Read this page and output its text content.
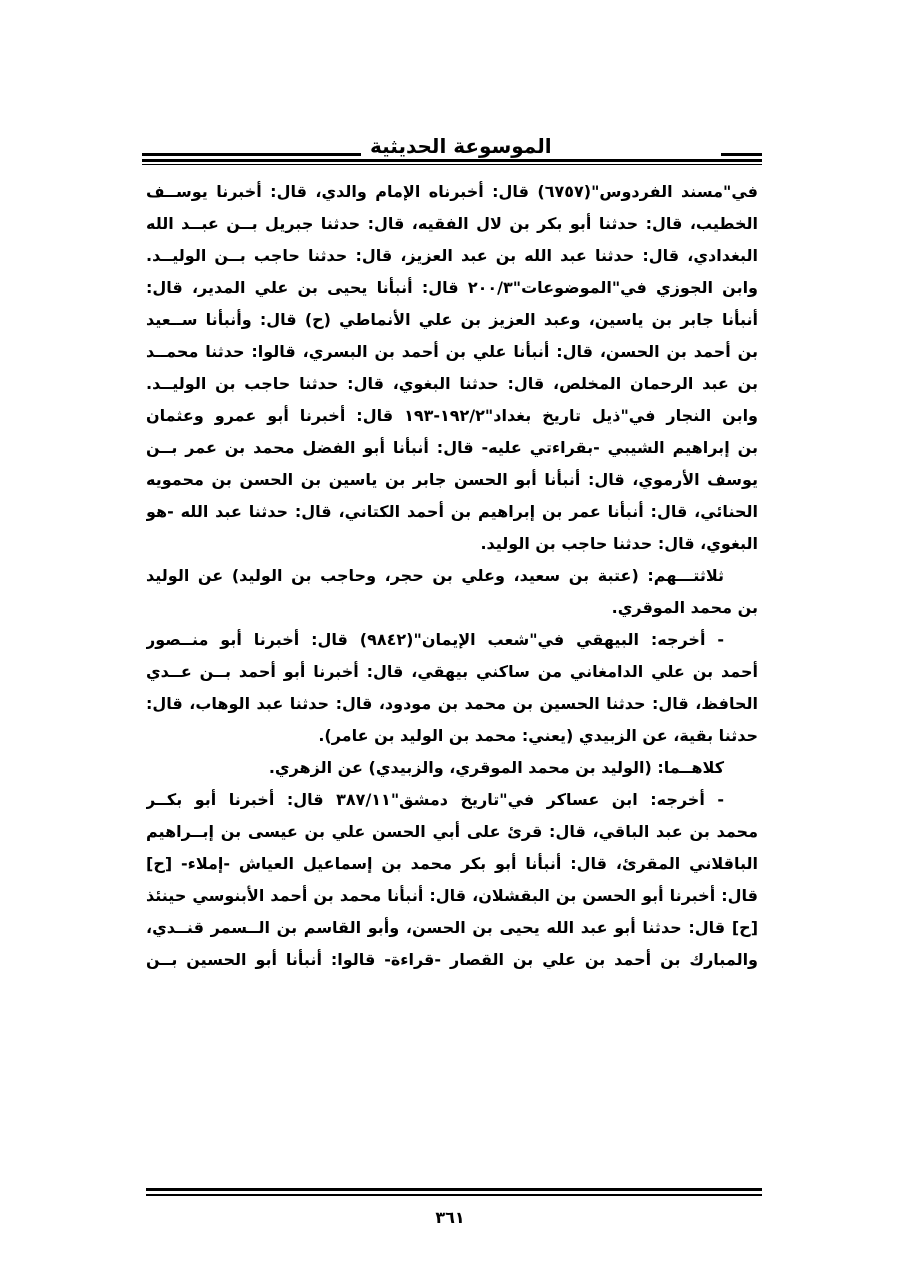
الموسوعة الحديثية
في"مسند الفردوس"(٦٧٥٧) قال: أخبرناه الإمام والدي، قال: أخبرنا يوســف
الخطيب، قال: حدثنا أبو بكر بن لال الفقيه، قال: حدثنا جبريل بــن عبــد الله
البغدادي، قال: حدثنا عبد الله بن عبد العزيز، قال: حدثنا حاجب بــن الوليــد.
وابن الجوزي في"الموضوعات"٢٠٠/٣ قال: أنبأنا يحيى بن علي المدير، قال:
أنبأنا جابر بن ياسين، وعبد العزيز بن علي الأنماطي (ح) قال: وأنبأنا ســعيد
بن أحمد بن الحسن، قال: أنبأنا علي بن أحمد بن البسري، قالوا: حدثنا محمــد
بن عبد الرحمان المخلص، قال: حدثنا البغوي، قال: حدثنا حاجب بن الوليــد.
وابن النجار في"ذيل تاريخ بغداد"١٩٢/٢-١٩٣ قال: أخبرنا أبو عمرو وعثمان
بن إبراهيم الشيبي -بقراءتي عليه- قال: أنبأنا أبو الفضل محمد بن عمر بــن
يوسف الأرموي، قال: أنبأنا أبو الحسن جابر بن ياسين بن الحسن بن محمويه
الحنائي، قال: أنبأنا عمر بن إبراهيم بن أحمد الكتاني، قال: حدثنا عبد الله -هو
البغوي، قال: حدثنا حاجب بن الوليد.
ثلاثتـــهم: (عتبة بن سعيد، وعلي بن حجر، وحاجب بن الوليد) عن الوليد
بن محمد الموقري.
- أخرجه: البيهقي في"شعب الإيمان"(٩٨٤٢) قال: أخبرنا أبو منــصور
أحمد بن علي الدامغاني من ساكني بيهقي، قال: أخبرنا أبو أحمد بــن عــدي
الحافظ، قال: حدثنا الحسين بن محمد بن مودود، قال: حدثنا عبد الوهاب، قال:
حدثنا بقية، عن الزبيدي (يعني: محمد بن الوليد بن عامر).
كلاهــما: (الوليد بن محمد الموقري، والزبيدي) عن الزهري.
- أخرجه: ابن عساكر في"تاريخ دمشق"٣٨٧/١١ قال: أخبرنا أبو بكــر
محمد بن عبد الباقي، قال: قرئ على أبي الحسن علي بن عيسى بن إبــراهيم
الباقلاني المقرئ، قال: أنبأنا أبو بكر محمد بن إسماعيل العياش -إملاء- [ح]
قال: أخبرنا أبو الحسن بن البقشلان، قال: أنبأنا محمد بن أحمد الأبنوسي حينئذ
[ح] قال: حدثنا أبو عبد الله يحيى بن الحسن، وأبو القاسم بن الــسمر قنــدي،
والمبارك بن أحمد بن علي بن القصار -قراءة- قالوا: أنبأنا أبو الحسين بــن
٣٦١
